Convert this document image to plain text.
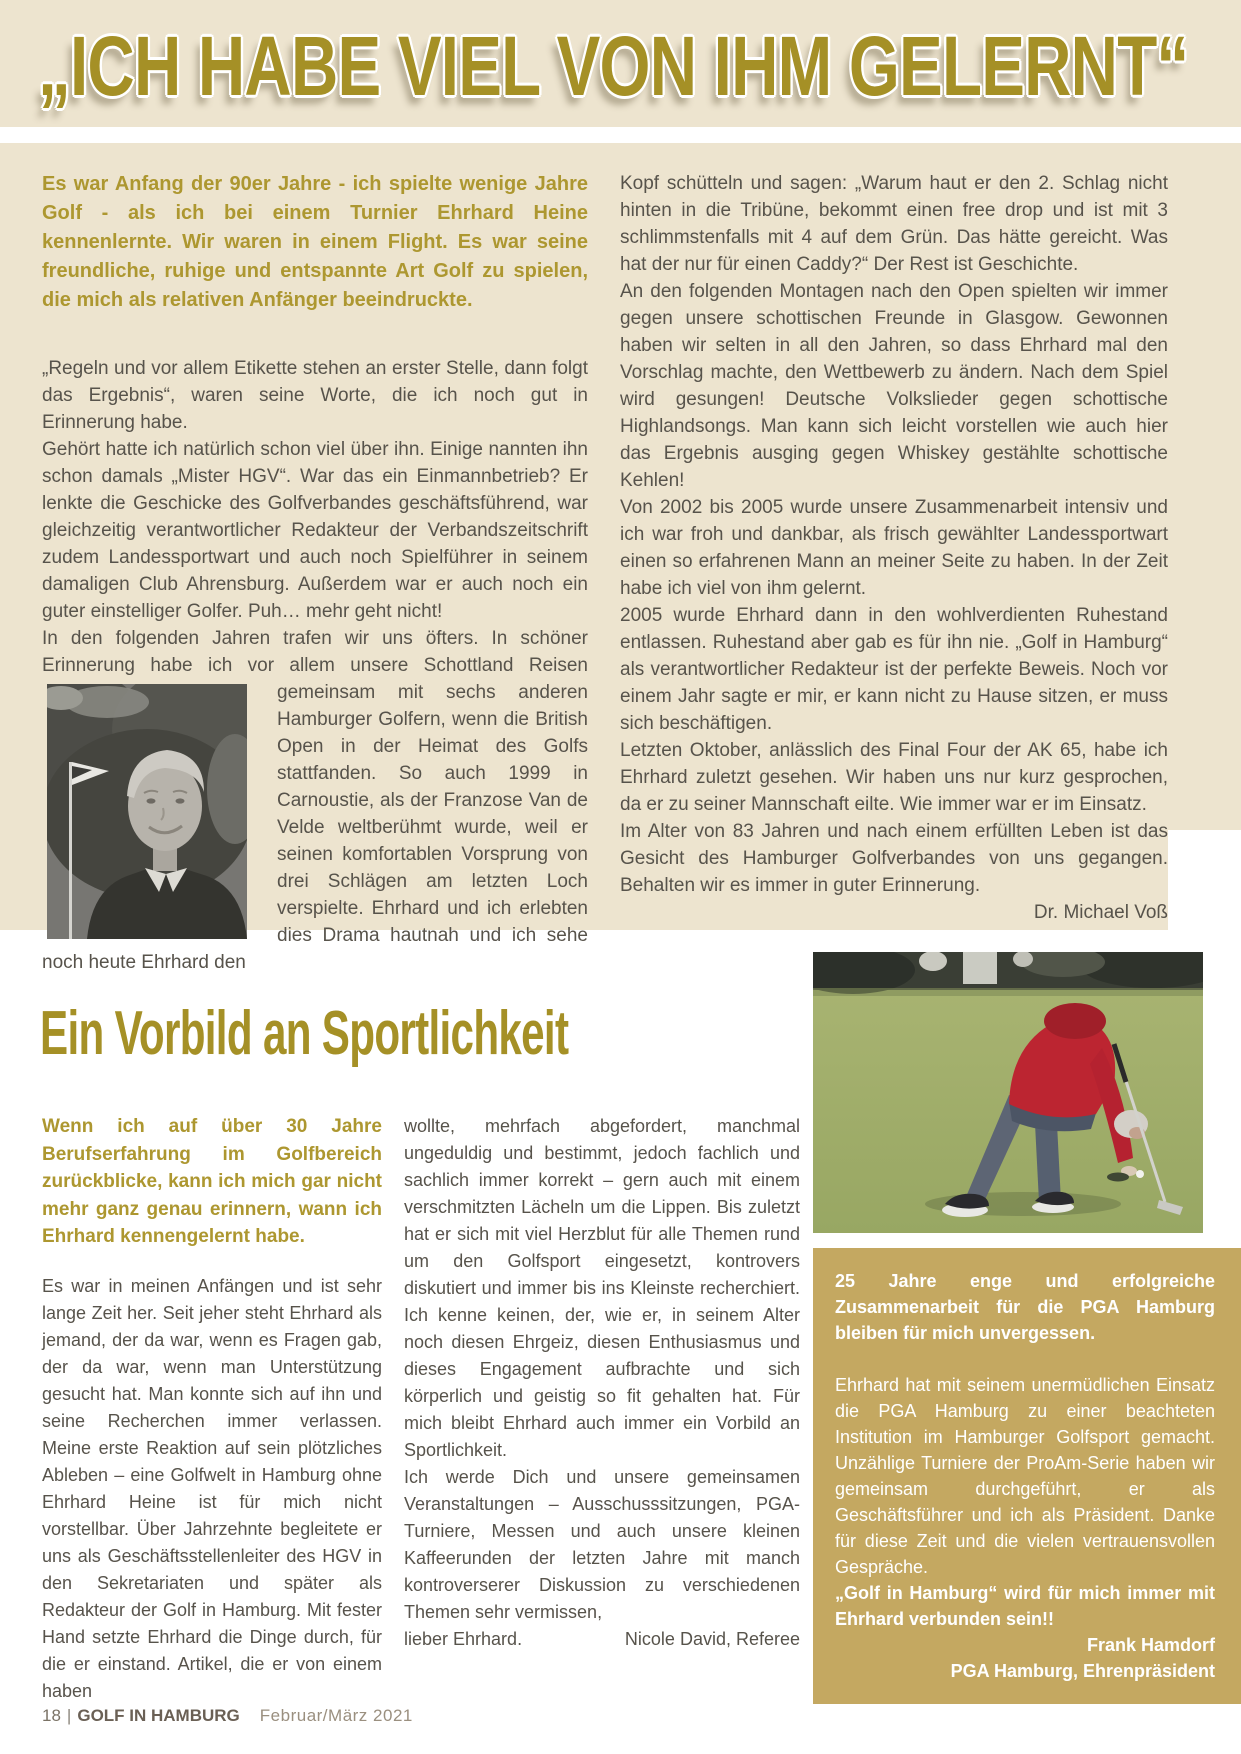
„ICH HABE VIEL VON IHM GELERNT“

Es war Anfang der 90er Jahre - ich spielte wenige Jahre Golf - als ich bei einem Turnier Ehrhard Heine kennenlernte. Wir waren in einem Flight. Es war seine freundliche, ruhige und entspannte Art Golf zu spielen, die mich als relativen Anfänger beeindruckte.

„Regeln und vor allem Etikette stehen an erster Stelle, dann folgt das Ergebnis“, waren seine Worte, die ich noch gut in Erinnerung habe.

Gehört hatte ich natürlich schon viel über ihn. Einige nannten ihn schon damals „Mister HGV“. War das ein Einmannbetrieb? Er lenkte die Geschicke des Golfverbandes geschäftsführend, war gleichzeitig verantwortlicher Redakteur der Verbandszeitschrift zudem Landessportwart und auch noch Spielführer in seinem damaligen Club Ahrensburg. Außerdem war er auch noch ein guter einstelliger Golfer. Puh… mehr geht nicht!

In den folgenden Jahren trafen wir uns öfters. In schöner Erinnerung habe ich vor allem unsere Schottland Reisen gemeinsam mit sechs anderen Hamburger Golfern, wenn die British Open in der Heimat des Golfs stattfanden. So auch 1999 in Carnoustie, als der Franzose Van de Velde weltberühmt wurde, weil er seinen komfortablen Vorsprung von drei Schlägen am letzten Loch verspielte. Ehrhard und ich erlebten dies Drama hautnah und ich sehe noch heute Ehrhard den

Kopf schütteln und sagen: „Warum haut er den 2. Schlag nicht hinten in die Tribüne, bekommt einen free drop und ist mit 3 schlimmstenfalls mit 4 auf dem Grün. Das hätte gereicht. Was hat der nur für einen Caddy?“ Der Rest ist Geschichte.

An den folgenden Montagen nach den Open spielten wir immer gegen unsere schottischen Freunde in Glasgow. Gewonnen haben wir selten in all den Jahren, so dass Ehrhard mal den Vorschlag machte, den Wettbewerb zu ändern. Nach dem Spiel wird gesungen! Deutsche Volkslieder gegen schottische Highlandsongs. Man kann sich leicht vorstellen wie auch hier das Ergebnis ausging gegen Whiskey gestählte schottische Kehlen!

Von 2002 bis 2005 wurde unsere Zusammenarbeit intensiv und ich war froh und dankbar, als frisch gewählter Landessportwart einen so erfahrenen Mann an meiner Seite zu haben. In der Zeit habe ich viel von ihm gelernt.

2005 wurde Ehrhard dann in den wohlverdienten Ruhestand entlassen. Ruhestand aber gab es für ihn nie. „Golf in Hamburg“ als verantwortlicher Redakteur ist der perfekte Beweis. Noch vor einem Jahr sagte er mir, er kann nicht zu Hause sitzen, er muss sich beschäftigen.

Letzten Oktober, anlässlich des Final Four der AK 65, habe ich Ehrhard zuletzt gesehen. Wir haben uns nur kurz gesprochen, da er zu seiner Mannschaft eilte. Wie immer war er im Einsatz.

Im Alter von 83 Jahren und nach einem erfüllten Leben ist das Gesicht des Hamburger Golfverbandes von uns gegangen. Behalten wir es immer in guter Erinnerung.

Dr. Michael Voß

Ein Vorbild an Sportlichkeit

Wenn ich auf über 30 Jahre Berufserfahrung im Golfbereich zurückblicke, kann ich mich gar nicht mehr ganz genau erinnern, wann ich Ehrhard kennengelernt habe.

Es war in meinen Anfängen und ist sehr lange Zeit her. Seit jeher steht Ehrhard als jemand, der da war, wenn es Fragen gab, der da war, wenn man Unterstützung gesucht hat. Man konnte sich auf ihn und seine Recherchen immer verlassen. Meine erste Reaktion auf sein plötzliches Ableben – eine Golfwelt in Hamburg ohne Ehrhard Heine ist für mich nicht vorstellbar. Über Jahrzehnte begleitete er uns als Geschäftsstellenleiter des HGV in den Sekretariaten und später als Redakteur der Golf in Hamburg. Mit fester Hand setzte Ehrhard die Dinge durch, für die er einstand. Artikel, die er von einem haben

wollte, mehrfach abgefordert, manchmal ungeduldig und bestimmt, jedoch fachlich und sachlich immer korrekt – gern auch mit einem verschmitzten Lächeln um die Lippen. Bis zuletzt hat er sich mit viel Herzblut für alle Themen rund um den Golfsport eingesetzt, kontrovers diskutiert und immer bis ins Kleinste recherchiert. Ich kenne keinen, der, wie er, in seinem Alter noch diesen Ehrgeiz, diesen Enthusiasmus und dieses Engagement aufbrachte und sich körperlich und geistig so fit gehalten hat. Für mich bleibt Ehrhard auch immer ein Vorbild an Sportlichkeit.

Ich werde Dich und unsere gemeinsamen Veranstaltungen – Ausschusssitzungen, PGA-Turniere, Messen und auch unsere kleinen Kaffeerunden der letzten Jahre mit manch kontroverserer Diskussion zu verschiedenen Themen sehr vermissen,

lieber Ehrhard.	Nicole David, Referee

25 Jahre enge und erfolgreiche Zusammenarbeit für die PGA Hamburg bleiben für mich unvergessen.

Ehrhard hat mit seinem unermüdlichen Einsatz die PGA Hamburg zu einer beachteten Institution im Hamburger Golfsport gemacht. Unzählige Turniere der ProAm-Serie haben wir gemeinsam durchgeführt, er als Geschäftsführer und ich als Präsident. Danke für diese Zeit und die vielen vertrauensvollen Gespräche.

„Golf in Hamburg“ wird für mich immer mit Ehrhard verbunden sein!!

Frank Hamdorf

PGA Hamburg, Ehrenpräsident

18 | GOLF IN HAMBURG Februar/März 2021
